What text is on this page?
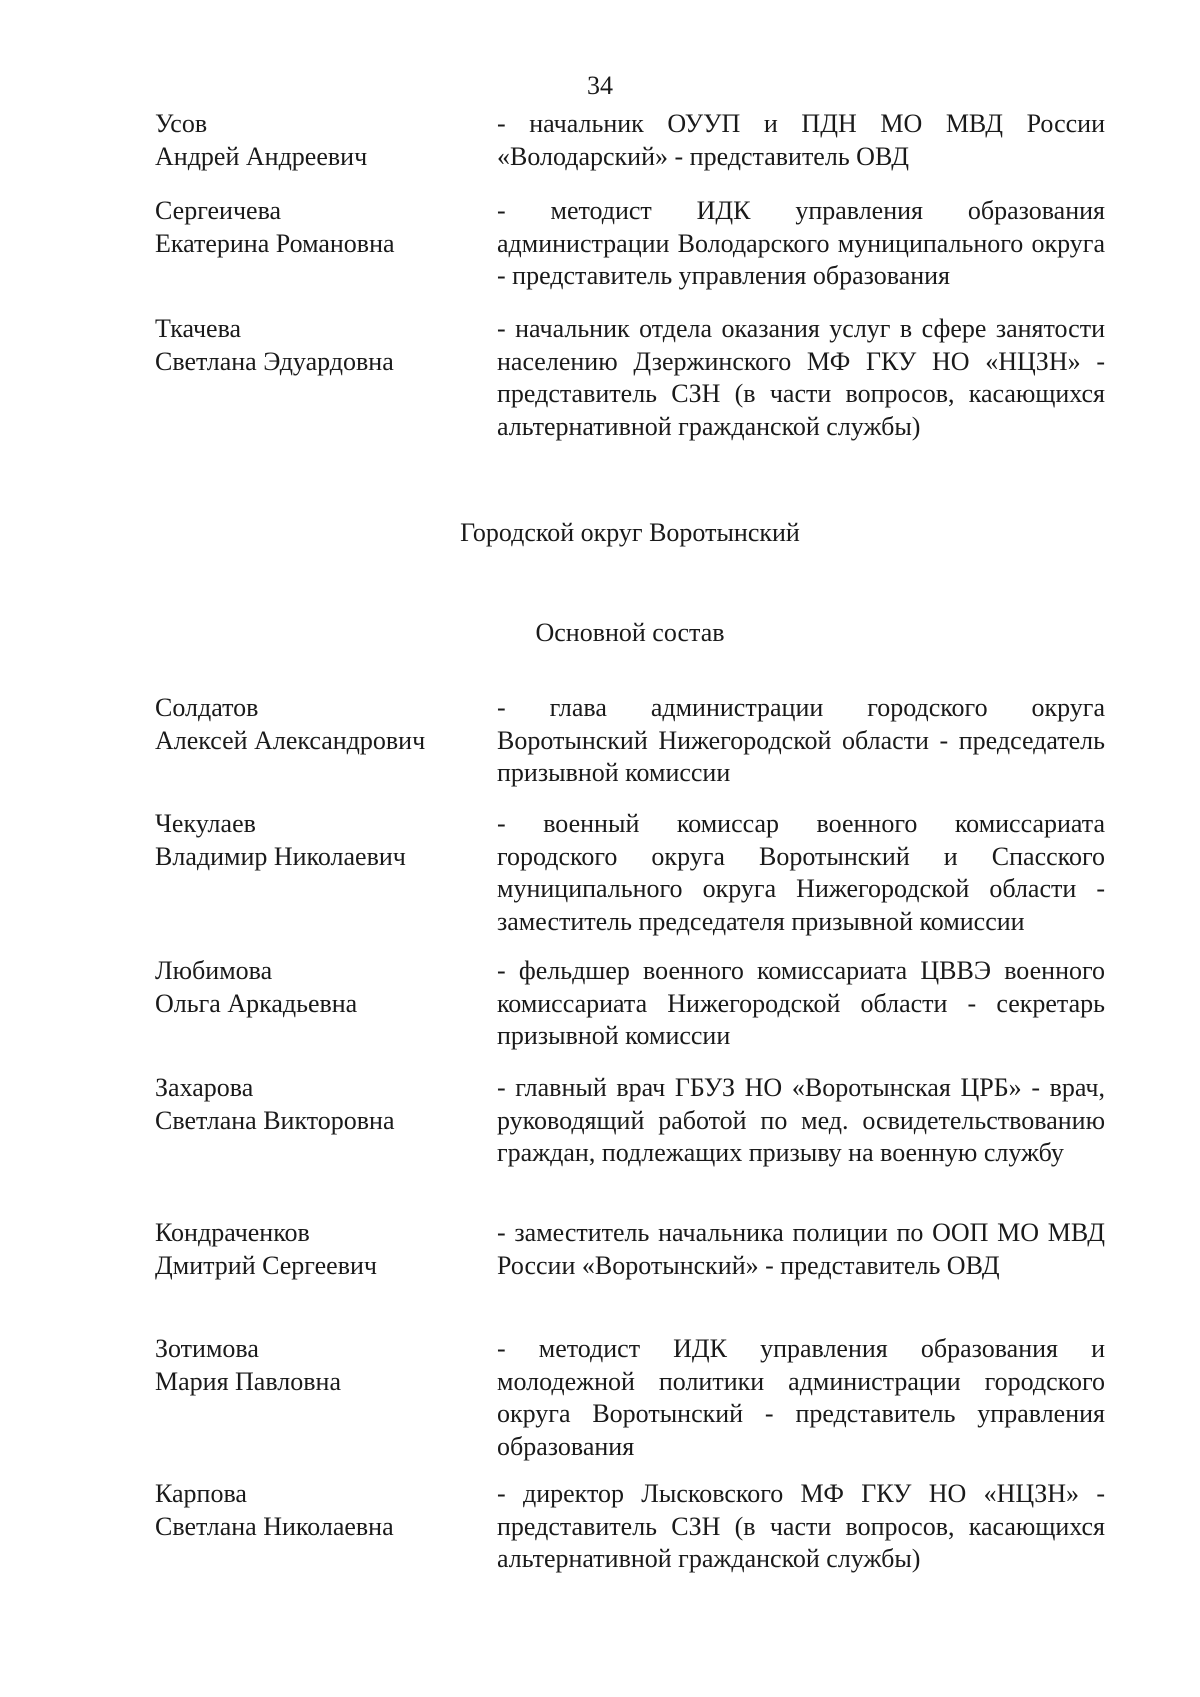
34

Усов
Андрей Андреевич

- начальник ОУУП и ПДН МО МВД России «Володарский» - представитель ОВД

Сергеичева
Екатерина Романовна

- методист ИДК управления образования администрации Володарского муниципального округа - представитель управления образования

Ткачева
Светлана Эдуардовна

- начальник отдела оказания услуг в сфере занятости населению Дзержинского МФ ГКУ НО «НЦЗН» - представитель СЗН (в части вопросов, касающихся альтернативной гражданской службы)

Городской округ Воротынский

Основной состав

Солдатов
Алексей Александрович

- глава администрации городского округа Воротынский Нижегородской области - председатель призывной комиссии

Чекулаев
Владимир Николаевич

- военный комиссар военного комиссариата городского округа Воротынский и Спасского муниципального округа Нижегородской области - заместитель председателя призывной комиссии

Любимова
Ольга Аркадьевна

- фельдшер военного комиссариата ЦВВЭ военного комиссариата Нижегородской области - секретарь призывной комиссии

Захарова
Светлана Викторовна

- главный врач ГБУЗ НО «Воротынская ЦРБ» - врач, руководящий работой по мед. освидетельствованию граждан, подлежащих призыву на военную службу

Кондраченков
Дмитрий Сергеевич

- заместитель начальника полиции по ООП МО МВД России «Воротынский» - представитель ОВД

Зотимова
Мария Павловна

- методист ИДК управления образования и молодежной политики администрации городского округа Воротынский - представитель управления образования

Карпова
Светлана Николаевна

- директор Лысковского МФ ГКУ НО «НЦЗН» - представитель СЗН (в части вопросов, касающихся альтернативной гражданской службы)
